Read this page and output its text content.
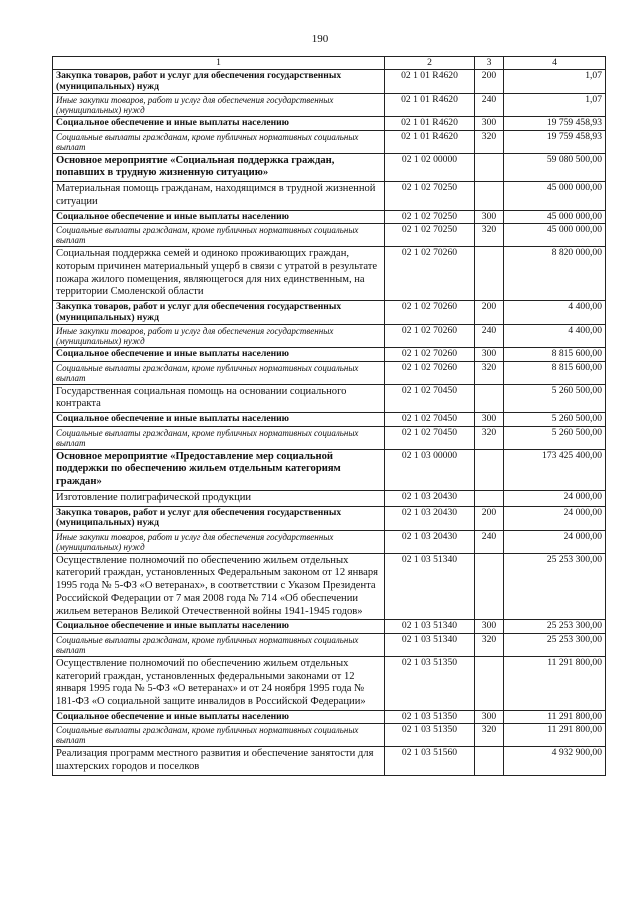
190
1	2	3	4
Закупка товаров, работ и услуг для обеспечения государственных (муниципальных) нужд	02 1 01 R4620	200	1,07
Иные закупки товаров, работ и услуг для обеспечения государственных (муниципальных) нужд	02 1 01 R4620	240	1,07
Социальное обеспечение и иные выплаты населению	02 1 01 R4620	300	19 759 458,93
Социальные выплаты гражданам, кроме публичных нормативных социальных выплат	02 1 01 R4620	320	19 759 458,93
Основное мероприятие «Социальная поддержка граждан, попавших в трудную жизненную ситуацию»	02 1 02 00000		59 080 500,00
Материальная помощь гражданам, находящимся в трудной жизненной ситуации	02 1 02 70250		45 000 000,00
Социальное обеспечение и иные выплаты населению	02 1 02 70250	300	45 000 000,00
Социальные выплаты гражданам, кроме публичных нормативных социальных выплат	02 1 02 70250	320	45 000 000,00
Социальная поддержка семей и одиноко проживающих граждан, которым причинен материальный ущерб в связи с утратой в результате пожара жилого помещения, являющегося для них единственным, на территории Смоленской области	02 1 02 70260		8 820 000,00
Закупка товаров, работ и услуг для обеспечения государственных (муниципальных) нужд	02 1 02 70260	200	4 400,00
Иные закупки товаров, работ и услуг для обеспечения государственных (муниципальных) нужд	02 1 02 70260	240	4 400,00
Социальное обеспечение и иные выплаты населению	02 1 02 70260	300	8 815 600,00
Социальные выплаты гражданам, кроме публичных нормативных социальных выплат	02 1 02 70260	320	8 815 600,00
Государственная социальная помощь на основании социального контракта	02 1 02 70450		5 260 500,00
Социальное обеспечение и иные выплаты населению	02 1 02 70450	300	5 260 500,00
Социальные выплаты гражданам, кроме публичных нормативных социальных выплат	02 1 02 70450	320	5 260 500,00
Основное мероприятие «Предоставление мер социальной поддержки по обеспечению жильем отдельным категориям граждан»	02 1 03 00000		173 425 400,00
Изготовление полиграфической продукции	02 1 03 20430		24 000,00
Закупка товаров, работ и услуг для обеспечения государственных (муниципальных) нужд	02 1 03 20430	200	24 000,00
Иные закупки товаров, работ и услуг для обеспечения государственных (муниципальных) нужд	02 1 03 20430	240	24 000,00
Осуществление полномочий по обеспечению жильем отдельных категорий граждан, установленных Федеральным законом от 12 января 1995 года № 5-ФЗ «О ветеранах», в соответствии с Указом Президента Российской Федерации от 7 мая 2008 года № 714 «Об обеспечении жильем ветеранов Великой Отечественной войны 1941-1945 годов»	02 1 03 51340		25 253 300,00
Социальное обеспечение и иные выплаты населению	02 1 03 51340	300	25 253 300,00
Социальные выплаты гражданам, кроме публичных нормативных социальных выплат	02 1 03 51340	320	25 253 300,00
Осуществление полномочий по обеспечению жильем отдельных категорий граждан, установленных федеральными законами от 12 января 1995 года № 5-ФЗ «О ветеранах» и от 24 ноября 1995 года № 181-ФЗ «О социальной защите инвалидов в Российской Федерации»	02 1 03 51350		11 291 800,00
Социальное обеспечение и иные выплаты населению	02 1 03 51350	300	11 291 800,00
Социальные выплаты гражданам, кроме публичных нормативных социальных выплат	02 1 03 51350	320	11 291 800,00
Реализация программ местного развития и обеспечение занятости для шахтерских городов и поселков	02 1 03 51560		4 932 900,00
